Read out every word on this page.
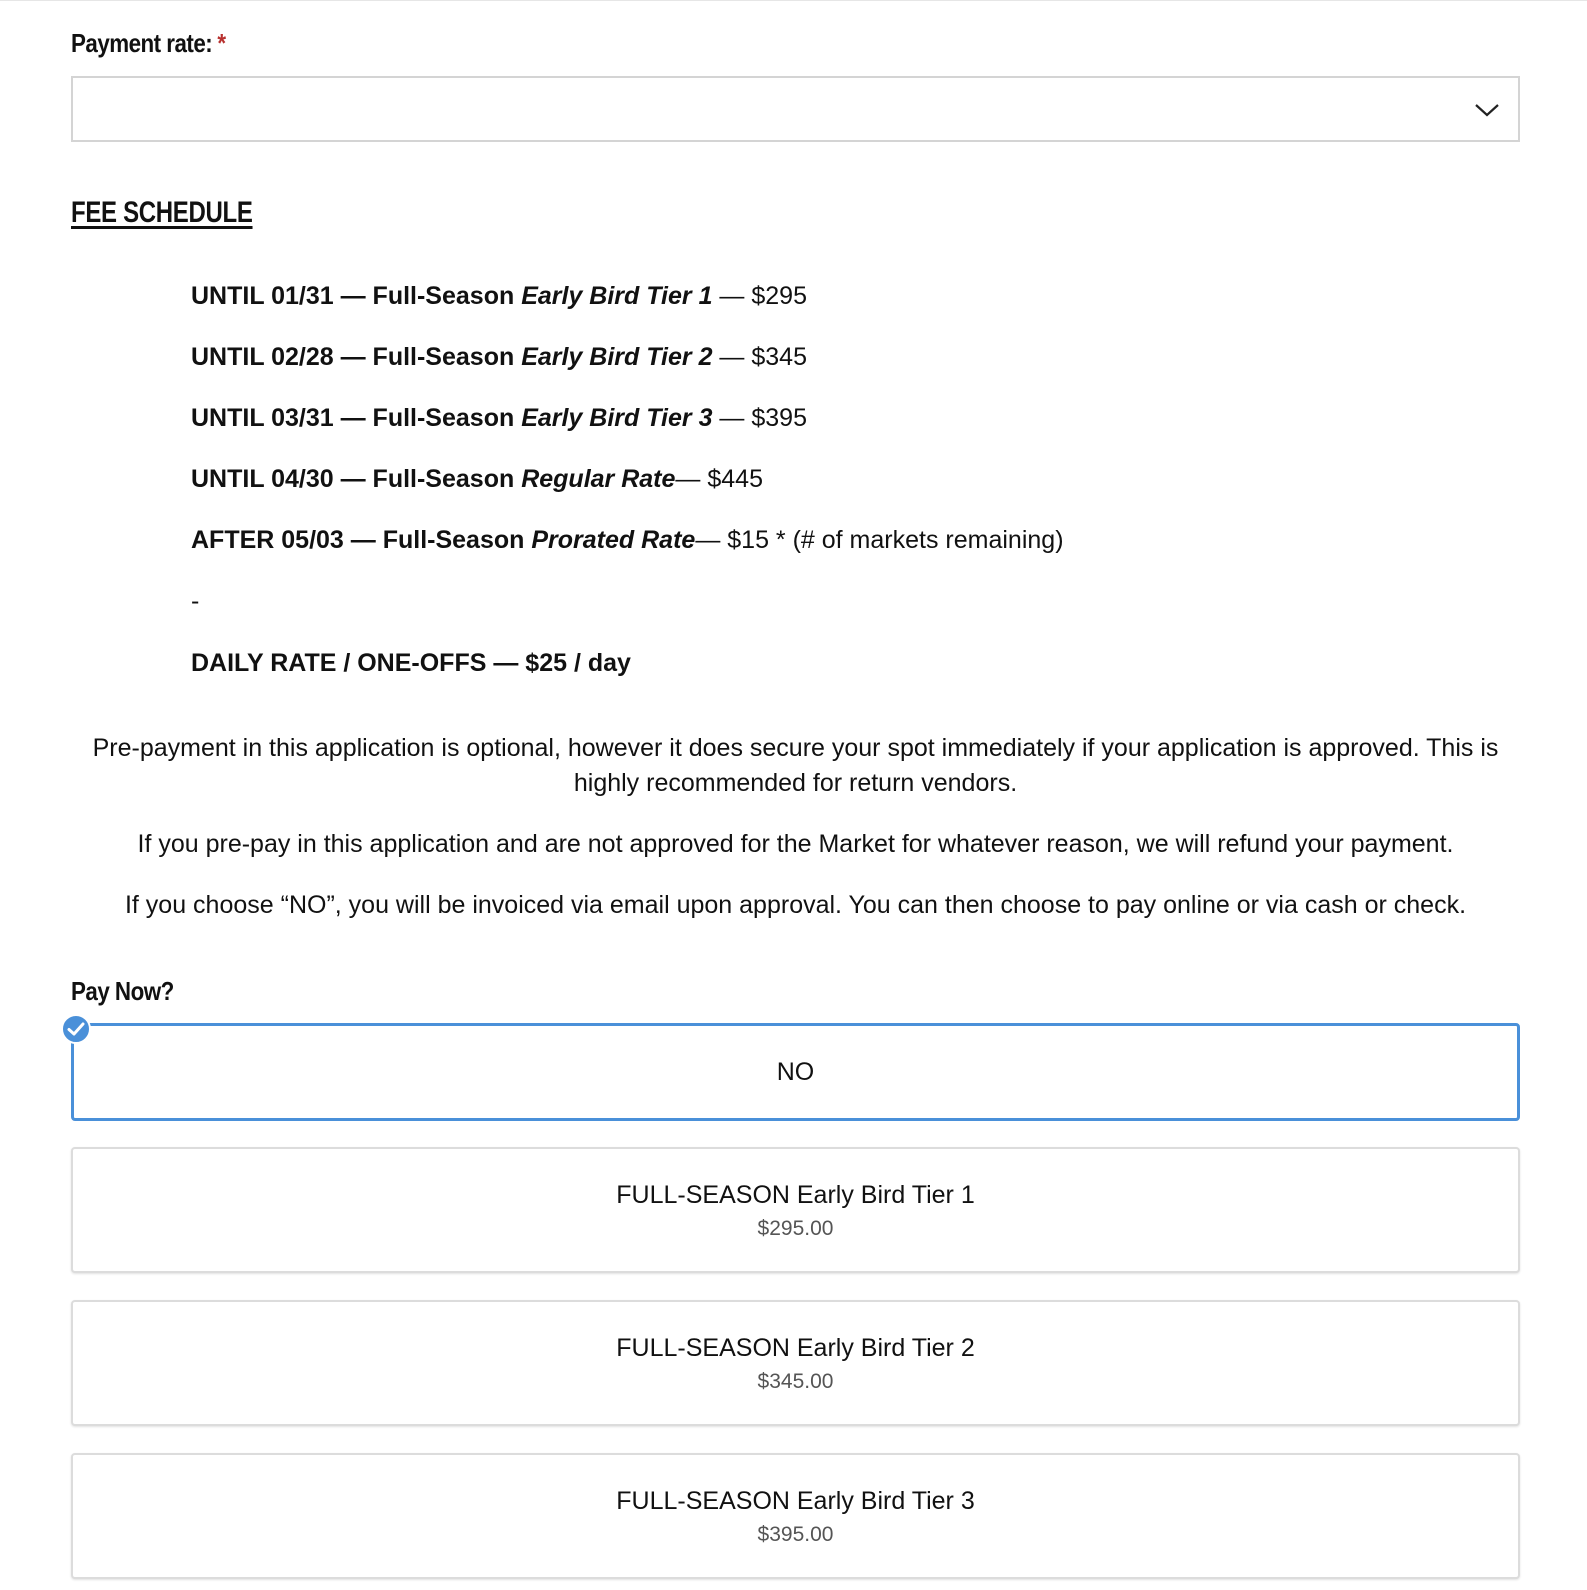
Payment rate: *
FEE SCHEDULE
UNTIL 01/31 — Full-Season Early Bird Tier 1 — $295
UNTIL 02/28 — Full-Season Early Bird Tier 2 — $345
UNTIL 03/31 — Full-Season Early Bird Tier 3 — $395
UNTIL 04/30 — Full-Season Regular Rate— $445
AFTER 05/03 — Full-Season Prorated Rate— $15 * (# of markets remaining)
-
DAILY RATE / ONE-OFFS — $25 / day
Pre-payment in this application is optional, however it does secure your spot immediately if your application is approved. This is highly recommended for return vendors.
If you pre-pay in this application and are not approved for the Market for whatever reason, we will refund your payment.
If you choose “NO”, you will be invoiced via email upon approval. You can then choose to pay online or via cash or check.
Pay Now?
NO
FULL-SEASON Early Bird Tier 1
$295.00
FULL-SEASON Early Bird Tier 2
$345.00
FULL-SEASON Early Bird Tier 3
$395.00
